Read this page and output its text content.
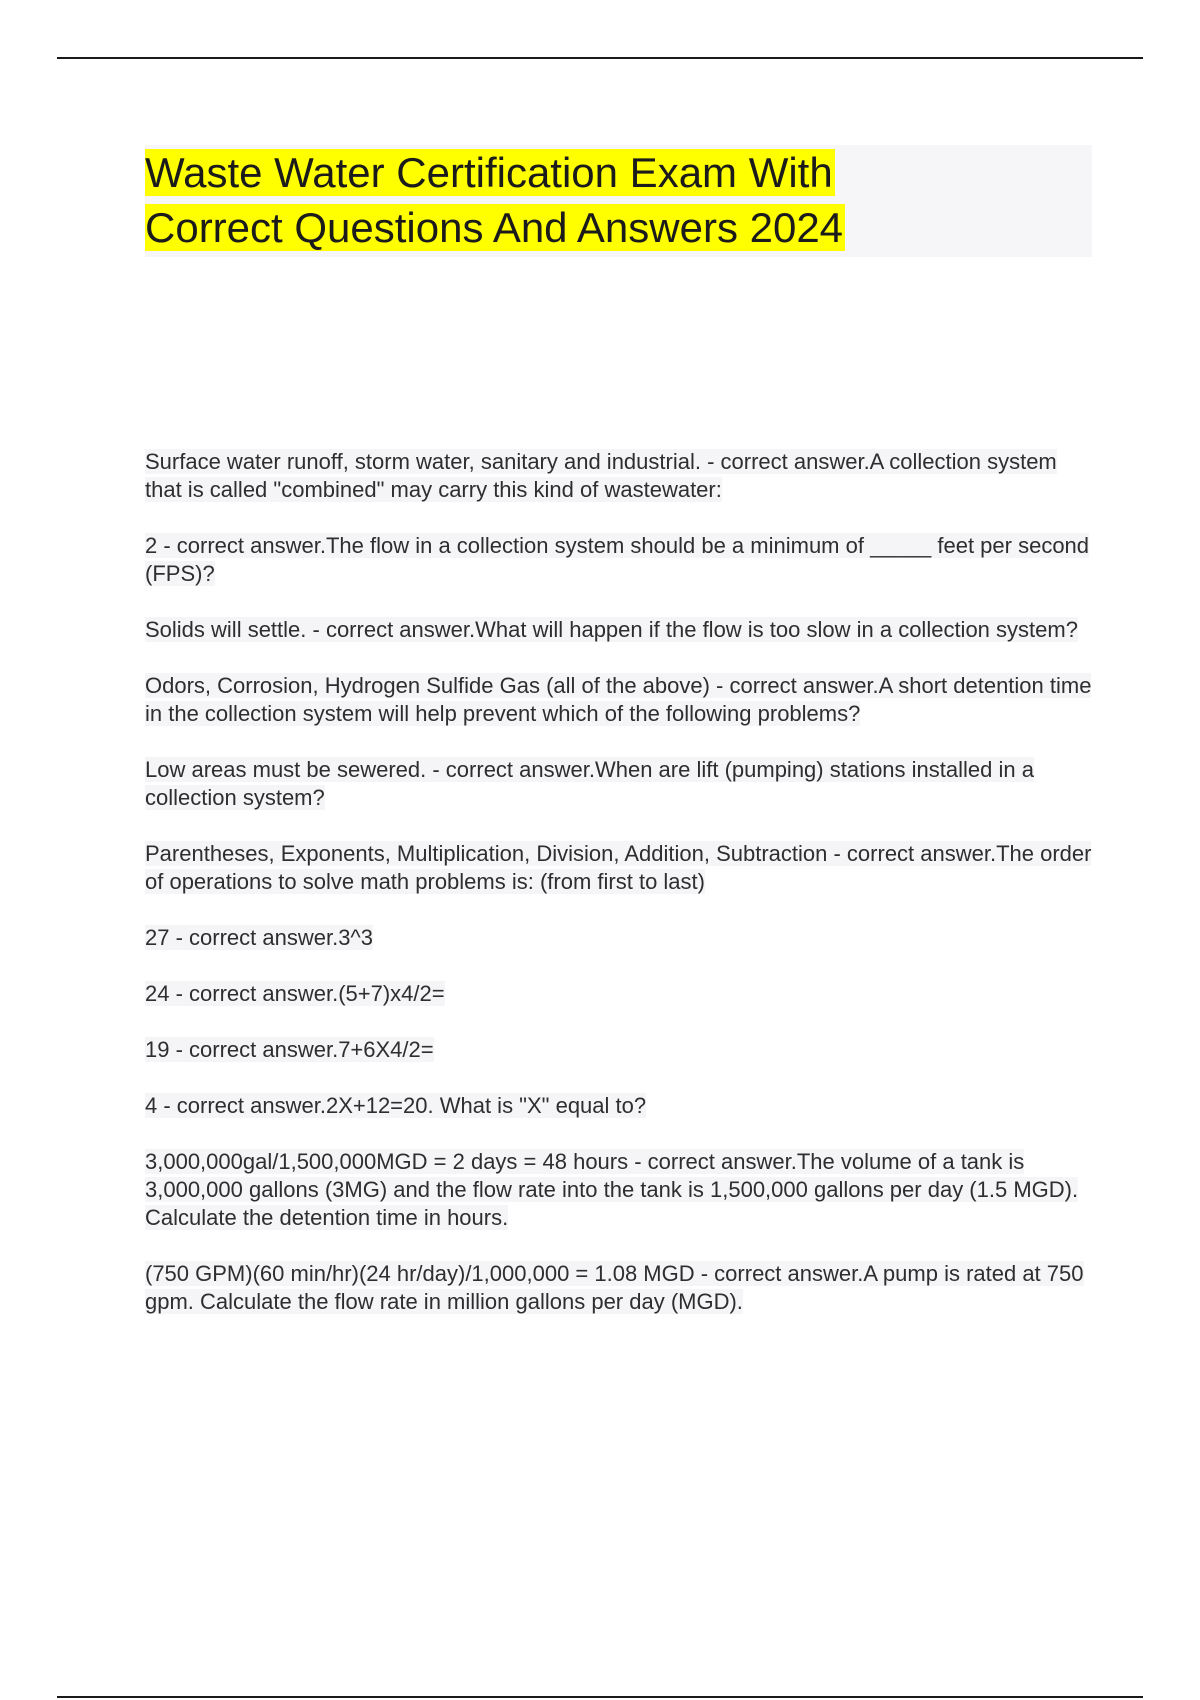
Waste Water Certification Exam With
Correct Questions And Answers 2024

Surface water runoff, storm water, sanitary and industrial. - correct answer.A collection system that is called "combined" may carry this kind of wastewater:

2 - correct answer.The flow in a collection system should be a minimum of _____ feet per second (FPS)?

Solids will settle. - correct answer.What will happen if the flow is too slow in a collection system?

Odors, Corrosion, Hydrogen Sulfide Gas (all of the above) - correct answer.A short detention time in the collection system will help prevent which of the following problems?

Low areas must be sewered. - correct answer.When are lift (pumping) stations installed in a collection system?

Parentheses, Exponents, Multiplication, Division, Addition, Subtraction - correct answer.The order of operations to solve math problems is: (from first to last)

27 - correct answer.3^3

24 - correct answer.(5+7)x4/2=

19 - correct answer.7+6X4/2=

4 - correct answer.2X+12=20. What is "X" equal to?

3,000,000gal/1,500,000MGD = 2 days = 48 hours - correct answer.The volume of a tank is 3,000,000 gallons (3MG) and the flow rate into the tank is 1,500,000 gallons per day (1.5 MGD). Calculate the detention time in hours.

(750 GPM)(60 min/hr)(24 hr/day)/1,000,000 = 1.08 MGD - correct answer.A pump is rated at 750 gpm. Calculate the flow rate in million gallons per day (MGD).
